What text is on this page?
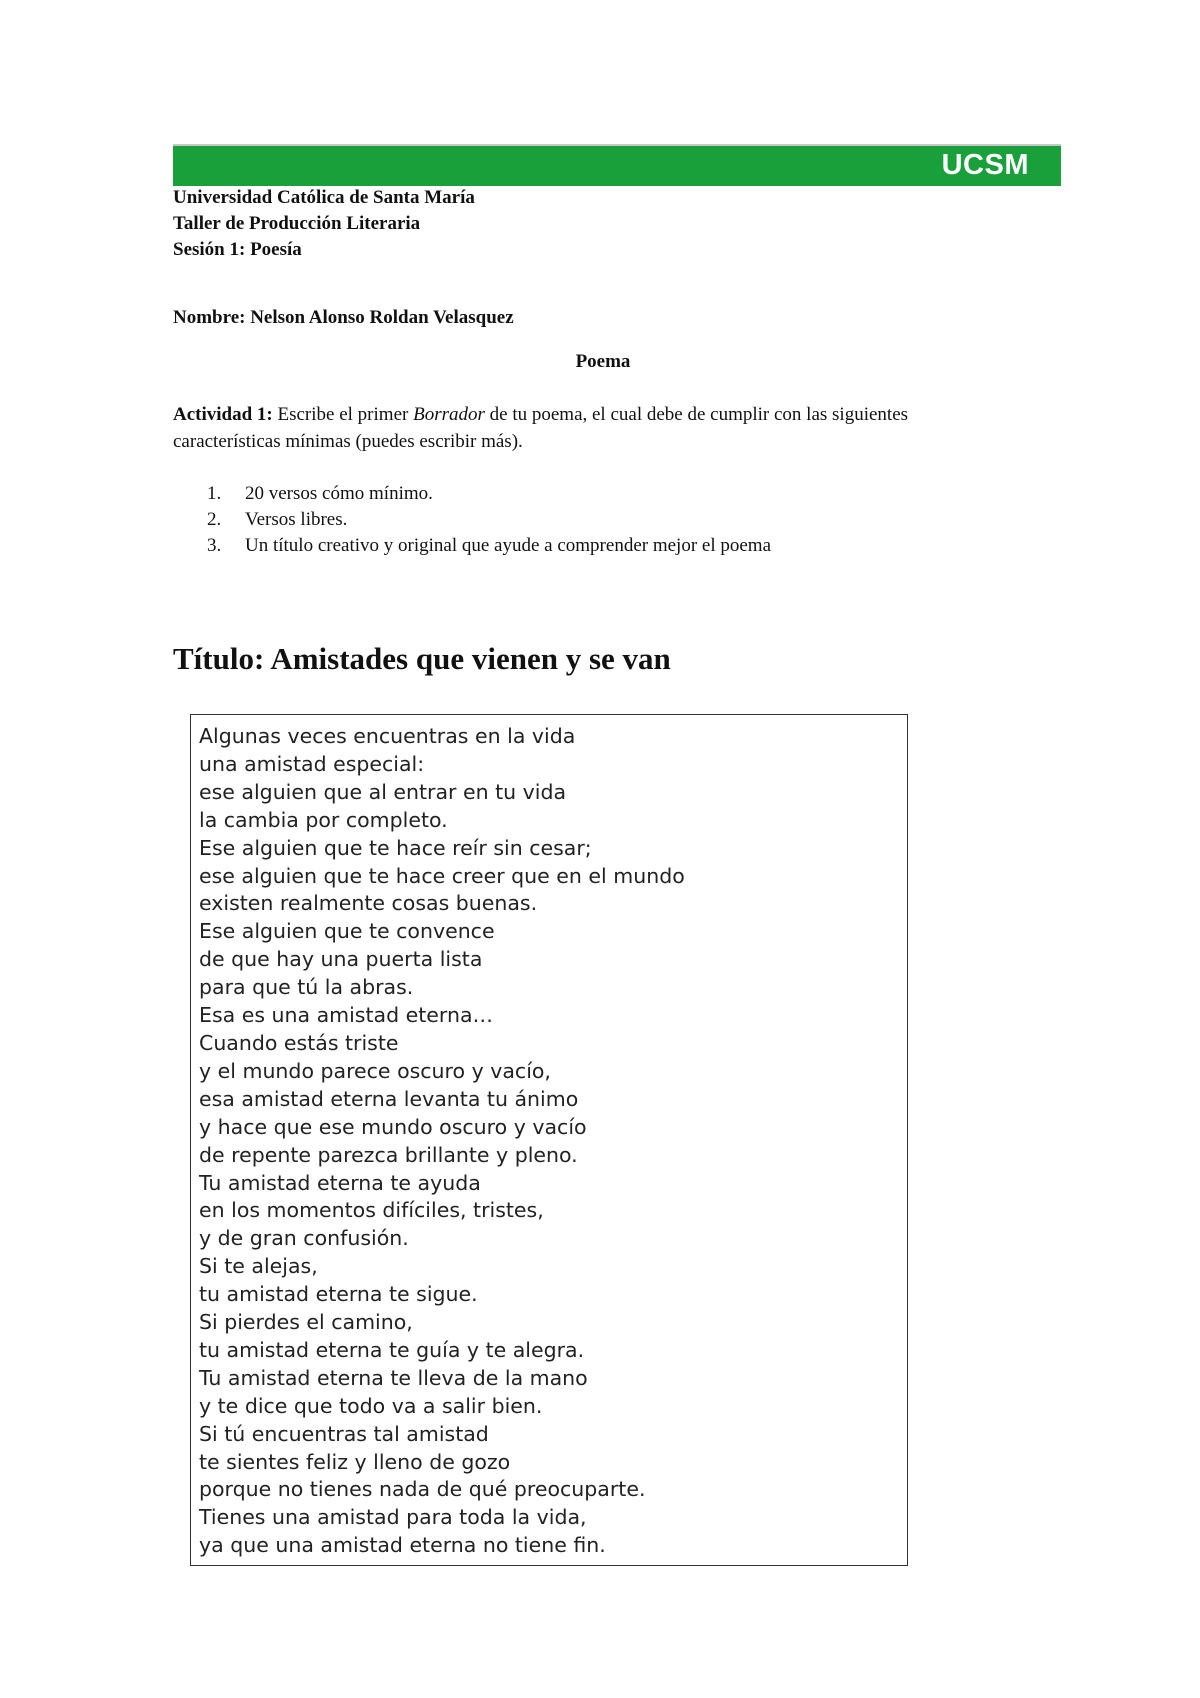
UCSM
Universidad Católica de Santa María
Taller de Producción Literaria
Sesión 1: Poesía
Nombre: Nelson Alonso Roldan Velasquez
Poema
Actividad 1: Escribe el primer Borrador de tu poema, el cual debe de cumplir con las siguientes características mínimas (puedes escribir más).
1. 20 versos cómo mínimo.
2. Versos libres.
3. Un título creativo y original que ayude a comprender mejor el poema
Título: Amistades que vienen y se van
Algunas veces encuentras en la vida
una amistad especial:
ese alguien que al entrar en tu vida
la cambia por completo.
Ese alguien que te hace reír sin cesar;
ese alguien que te hace creer que en el mundo
existen realmente cosas buenas.
Ese alguien que te convence
de que hay una puerta lista
para que tú la abras.
Esa es una amistad eterna…
Cuando estás triste
y el mundo parece oscuro y vacío,
esa amistad eterna levanta tu ánimo
y hace que ese mundo oscuro y vacío
de repente parezca brillante y pleno.
Tu amistad eterna te ayuda
en los momentos difíciles, tristes,
y de gran confusión.
Si te alejas,
tu amistad eterna te sigue.
Si pierdes el camino,
tu amistad eterna te guía y te alegra.
Tu amistad eterna te lleva de la mano
y te dice que todo va a salir bien.
Si tú encuentras tal amistad
te sientes feliz y lleno de gozo
porque no tienes nada de qué preocuparte.
Tienes una amistad para toda la vida,
ya que una amistad eterna no tiene fin.
